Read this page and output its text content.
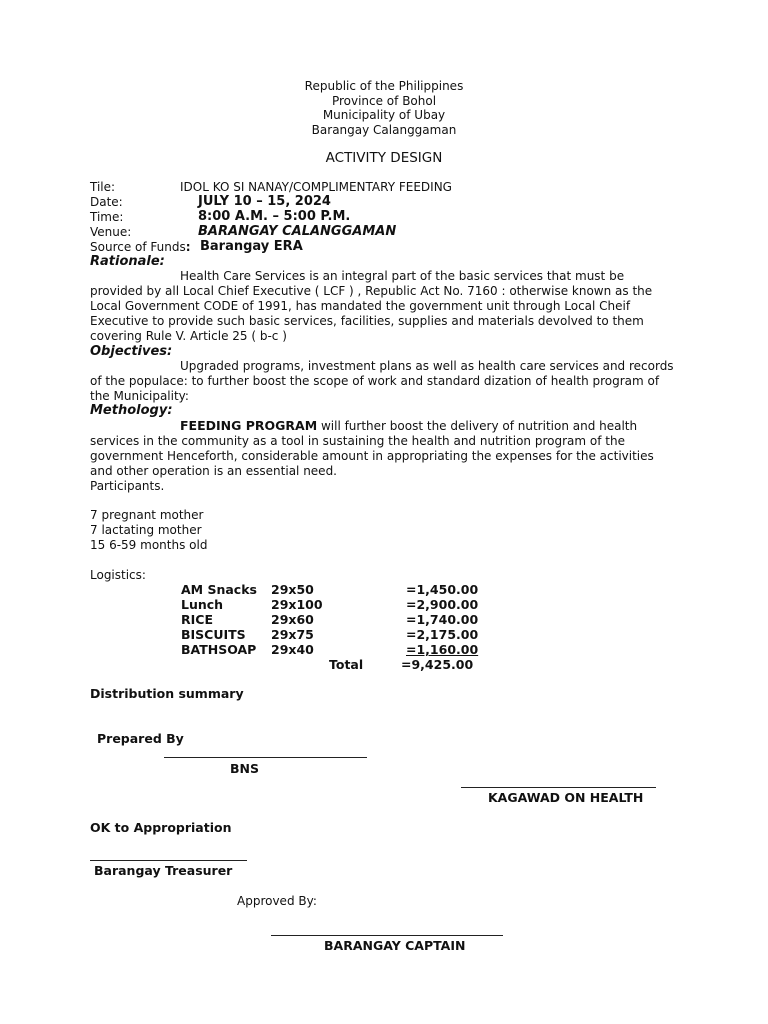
Republic of the Philippines
Province of Bohol
Municipality of Ubay
Barangay Calanggaman
ACTIVITY DESIGN
Tile:	IDOL KO SI NANAY/COMPLIMENTARY FEEDING
Date:	JULY 10 – 15, 2024
Time:	8:00 A.M. – 5:00 P.M.
Venue:	BARANGAY CALANGGAMAN
Source of Funds: Barangay ERA
Rationale:
Health Care Services is an integral part of the basic services that must be provided by all Local Chief Executive ( LCF ) , Republic Act No. 7160 : otherwise known as the Local Government CODE of 1991, has mandated the government unit through Local Cheif Executive to provide such basic services, facilities, supplies and materials devolved to them covering Rule V. Article 25 ( b-c )
Objectives:
Upgraded programs, investment plans as well as health care services and records of the populace: to further boost the scope of work and standard dization of health program of the Municipality:
Methology:
FEEDING PROGRAM will further boost the delivery of nutrition and health services in the community as a tool in sustaining the health and nutrition program of the government Henceforth, considerable amount in appropriating the expenses for the activities and other operation is an essential need.
Participants.
7 pregnant mother
7 lactating mother
15 6-59 months old
Logistics:
AM Snacks 29x50	=1,450.00
Lunch	29x100	=2,900.00
RICE	29x60	=1,740.00
BISCUITS 29x75	=2,175.00
BATHSOAP 29x40	=1,160.00
Total	=9,425.00
Distribution summary
Prepared By
BNS
KAGAWAD ON HEALTH
OK to Appropriation
Barangay Treasurer
Approved By:
BARANGAY CAPTAIN
